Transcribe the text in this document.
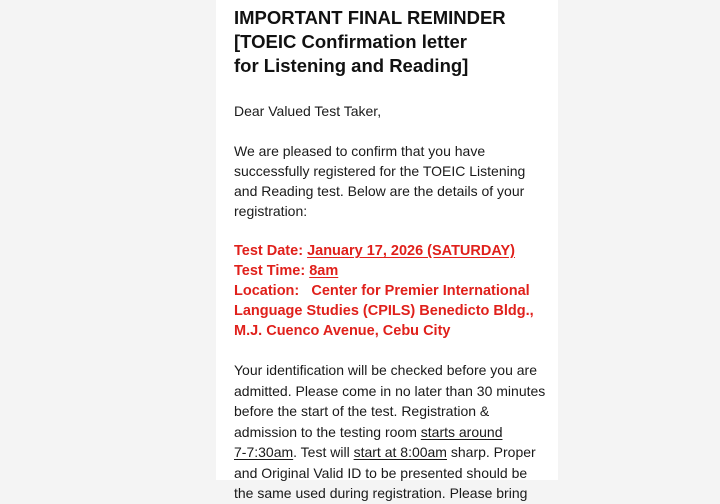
IMPORTANT FINAL REMINDER
[TOEIC Confirmation letter
for Listening and Reading]
Dear Valued Test Taker,
We are pleased to confirm that you have
successfully registered for the TOEIC Listening
and Reading test. Below are the details of your
registration:
Test Date: January 17, 2026 (SATURDAY)
Test Time: 8am
Location: Center for Premier International
Language Studies (CPILS) Benedicto Bldg.,
M.J. Cuenco Avenue, Cebu City
Your identification will be checked before you are
admitted. Please come in no later than 30 minutes
before the start of the test. Registration &
admission to the testing room starts around
7-7:30am. Test will start at 8:00am sharp. Proper
and Original Valid ID to be presented should be
the same used during registration. Please bring
